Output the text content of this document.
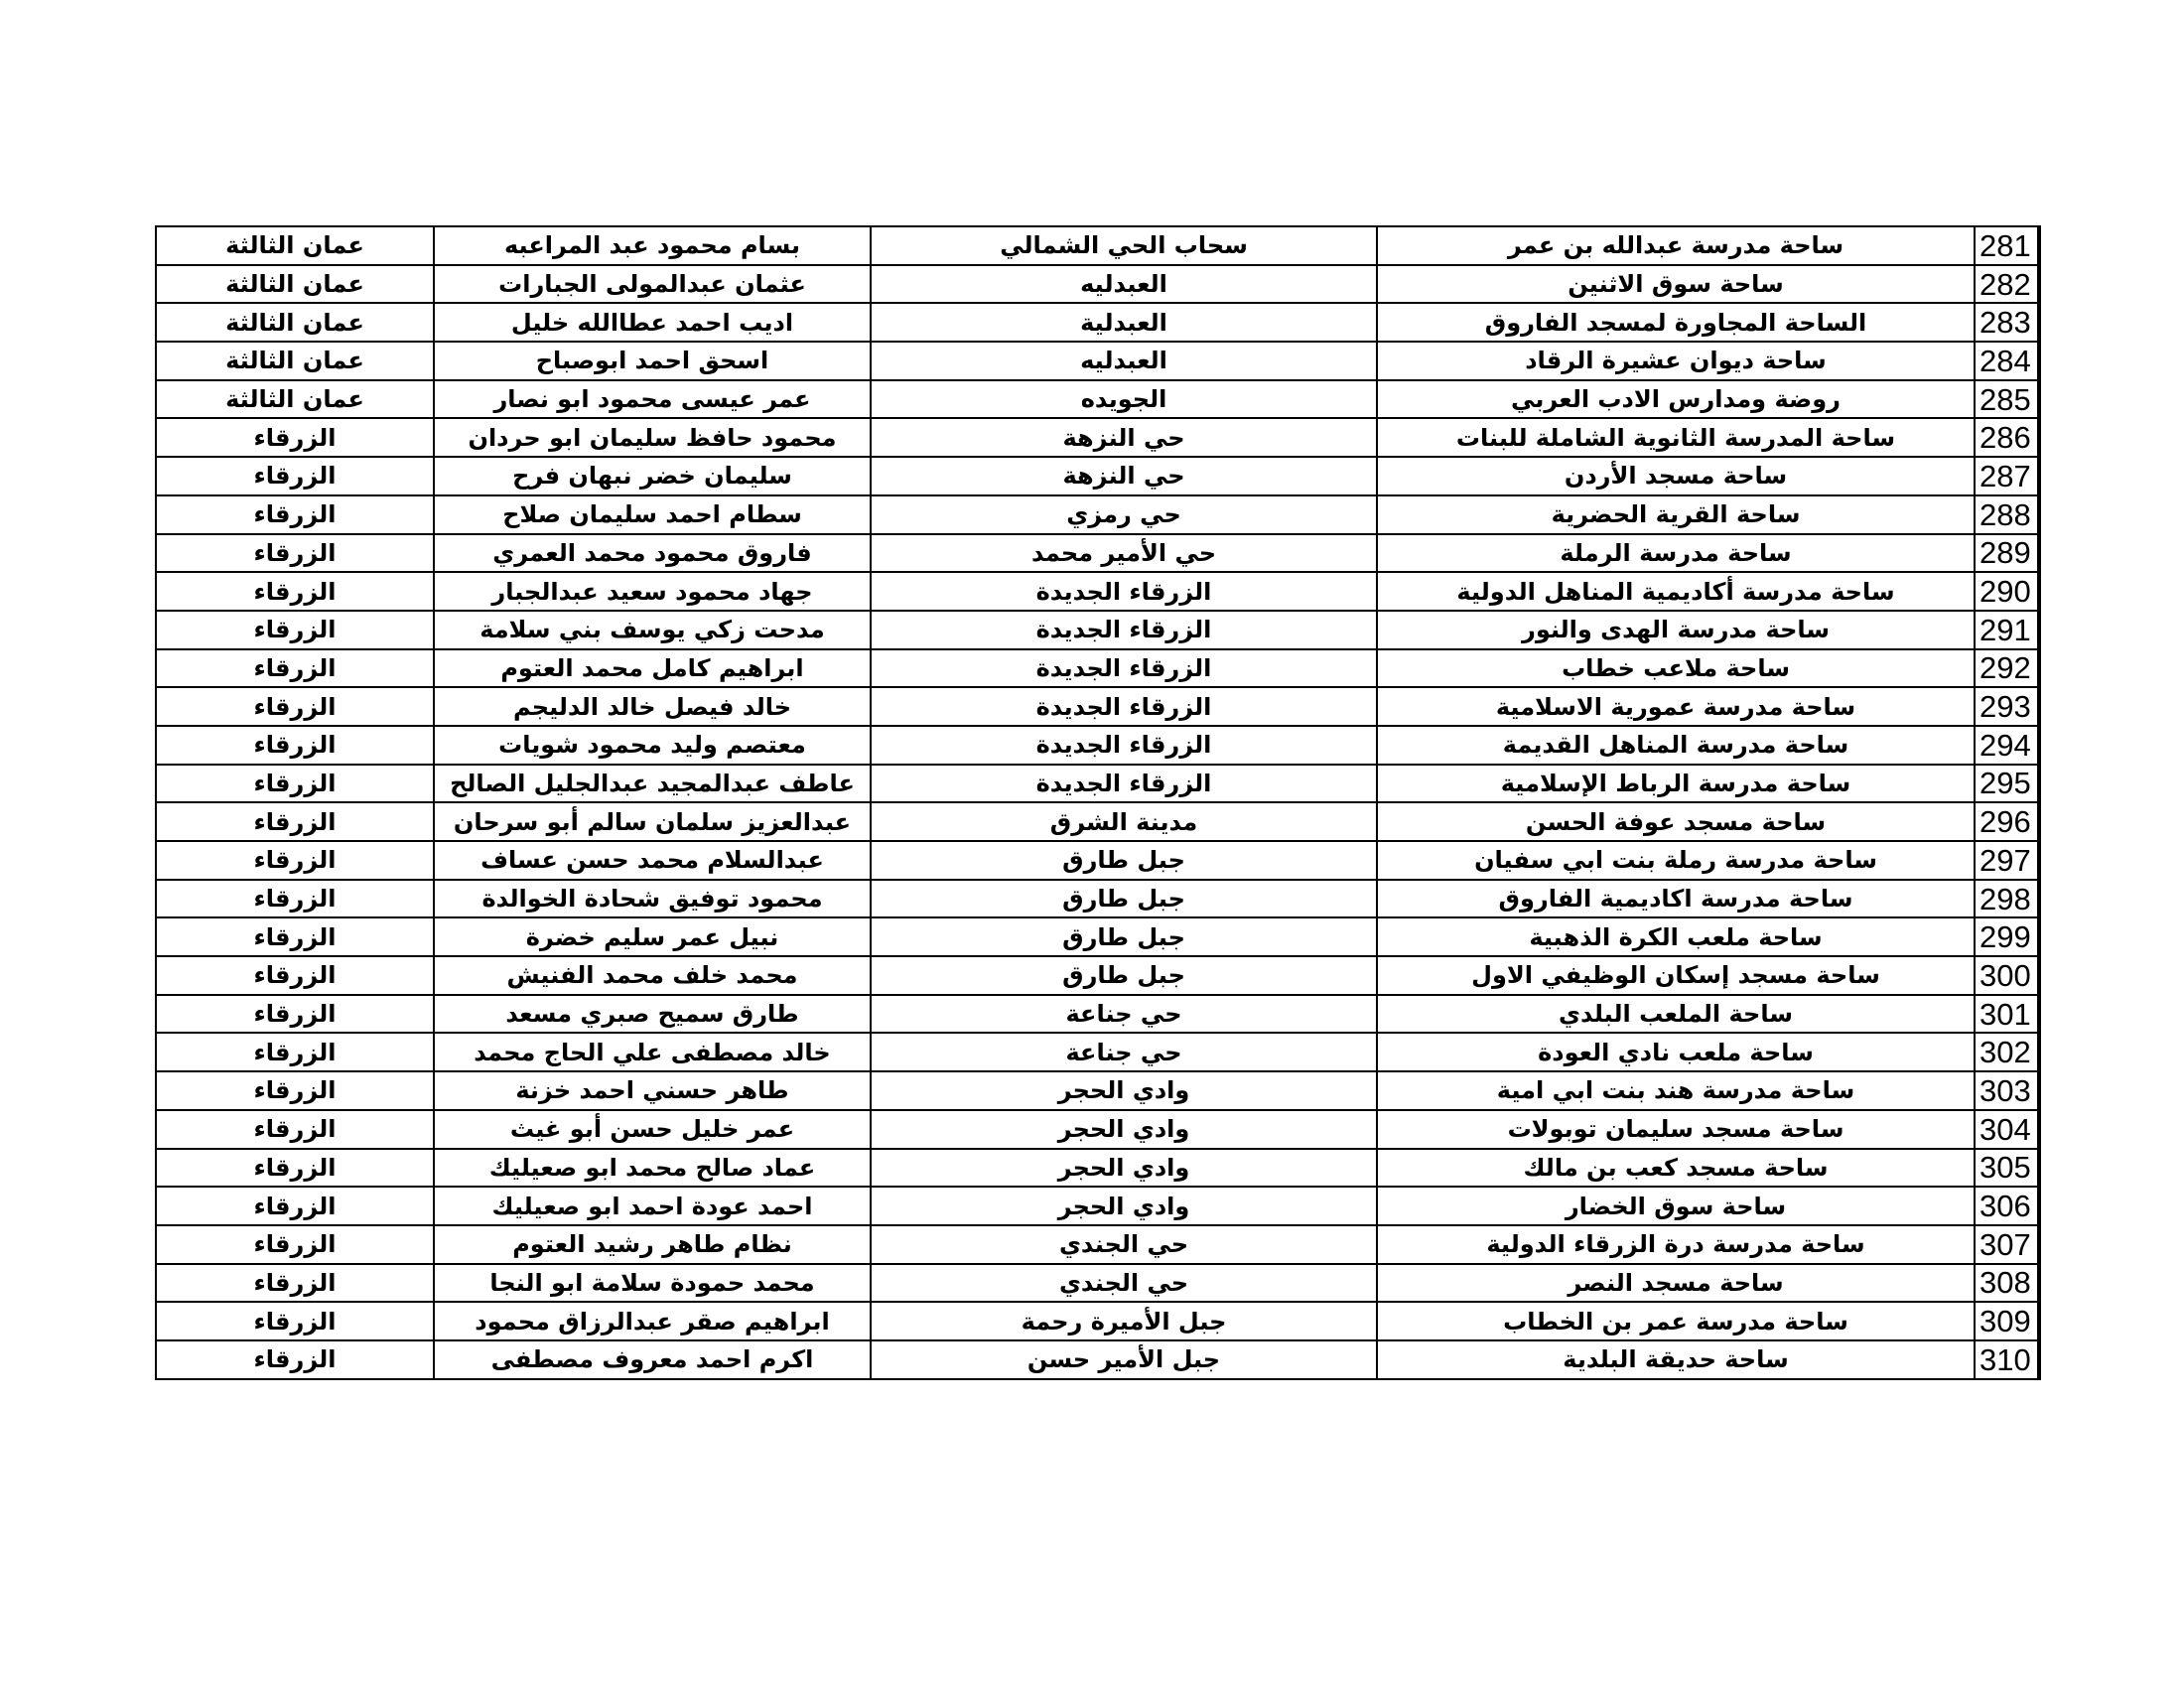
عمان الثالثة	بسام محمود عبد المراعبه	سحاب الحي الشمالي	ساحة مدرسة عبدالله بن عمر	281
عمان الثالثة	عثمان عبدالمولى الجبارات	العبدليه	ساحة سوق الاثنين	282
عمان الثالثة	اديب احمد عطاالله خليل	العبدلية	الساحة المجاورة لمسجد الفاروق	283
عمان الثالثة	اسحق احمد ابوصباح	العبدليه	ساحة ديوان عشيرة الرقاد	284
عمان الثالثة	عمر عيسى محمود ابو نصار	الجويده	روضة ومدارس الادب العربي	285
الزرقاء	محمود حافظ سليمان ابو حردان	حي النزهة	ساحة المدرسة الثانوية الشاملة للبنات	286
الزرقاء	سليمان خضر نبهان فرح	حي النزهة	ساحة مسجد الأردن	287
الزرقاء	سطام احمد سليمان صلاح	حي رمزي	ساحة القرية الحضرية	288
الزرقاء	فاروق محمود محمد العمري	حي الأمير محمد	ساحة مدرسة الرملة	289
الزرقاء	جهاد محمود سعيد عبدالجبار	الزرقاء الجديدة	ساحة مدرسة أكاديمية المناهل الدولية	290
الزرقاء	مدحت زكي يوسف بني سلامة	الزرقاء الجديدة	ساحة مدرسة الهدى والنور	291
الزرقاء	ابراهيم كامل محمد العتوم	الزرقاء الجديدة	ساحة ملاعب خطاب	292
الزرقاء	خالد فيصل خالد الدليجم	الزرقاء الجديدة	ساحة مدرسة عمورية الاسلامية	293
الزرقاء	معتصم وليد محمود شويات	الزرقاء الجديدة	ساحة مدرسة المناهل القديمة	294
الزرقاء	عاطف عبدالمجيد عبدالجليل الصالح	الزرقاء الجديدة	ساحة مدرسة الرباط الإسلامية	295
الزرقاء	عبدالعزيز سلمان سالم أبو سرحان	مدينة الشرق	ساحة مسجد عوفة الحسن	296
الزرقاء	عبدالسلام محمد حسن عساف	جبل طارق	ساحة مدرسة رملة بنت ابي سفيان	297
الزرقاء	محمود توفيق شحادة الخوالدة	جبل طارق	ساحة مدرسة اكاديمية الفاروق	298
الزرقاء	نبيل عمر سليم خضرة	جبل طارق	ساحة ملعب الكرة الذهبية	299
الزرقاء	محمد خلف محمد الفنيش	جبل طارق	ساحة مسجد إسكان الوظيفي الاول	300
الزرقاء	طارق سميح صبري مسعد	حي جناعة	ساحة الملعب البلدي	301
الزرقاء	خالد مصطفى علي الحاج محمد	حي جناعة	ساحة ملعب نادي العودة	302
الزرقاء	طاهر حسني احمد خزنة	وادي الحجر	ساحة مدرسة هند بنت ابي امية	303
الزرقاء	عمر خليل حسن أبو غيث	وادي الحجر	ساحة مسجد سليمان توبولات	304
الزرقاء	عماد صالح محمد ابو صعيليك	وادي الحجر	ساحة مسجد كعب بن مالك	305
الزرقاء	احمد عودة احمد ابو صعيليك	وادي الحجر	ساحة سوق الخضار	306
الزرقاء	نظام طاهر رشيد العتوم	حي الجندي	ساحة مدرسة درة الزرقاء الدولية	307
الزرقاء	محمد حمودة سلامة ابو النجا	حي الجندي	ساحة مسجد النصر	308
الزرقاء	ابراهيم صقر عبدالرزاق محمود	جبل الأميرة رحمة	ساحة مدرسة عمر بن الخطاب	309
الزرقاء	اكرم احمد معروف مصطفى	جبل الأمير حسن	ساحة حديقة البلدية	310
